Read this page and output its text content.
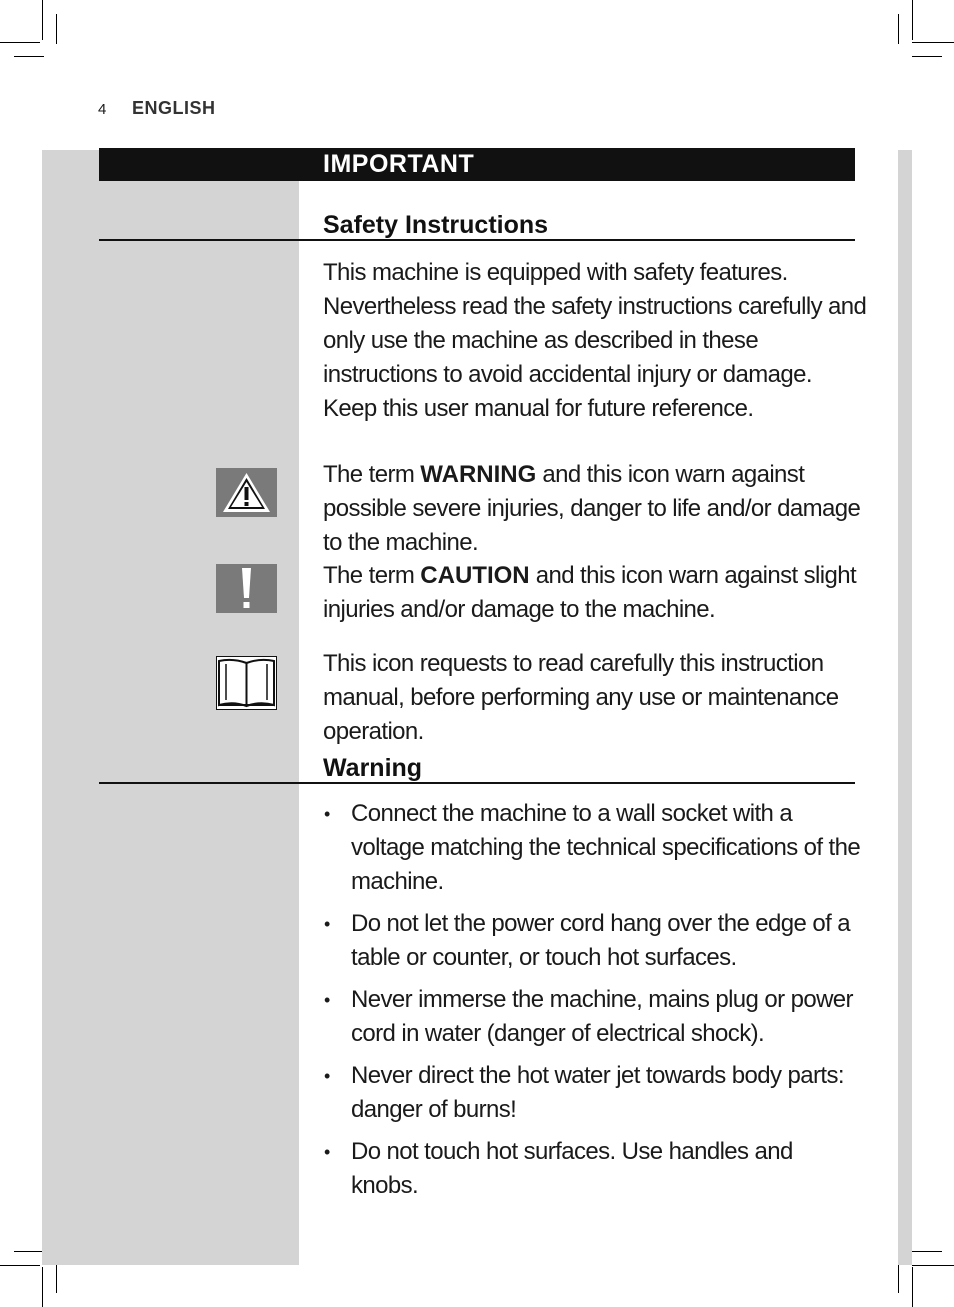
4 ENGLISH
IMPORTANT
Safety Instructions
This machine is equipped with safety features. Nevertheless read the safety instructions carefully and only use the machine as described in these instructions to avoid accidental injury or damage.
Keep this user manual for future reference.
The term WARNING and this icon warn against possible severe injuries, danger to life and/or damage to the machine.
The term CAUTION and this icon warn against slight injuries and/or damage to the machine.
This icon requests to read carefully this instruction manual, before performing any use or maintenance operation.
Warning
• Connect the machine to a wall socket with a voltage matching the technical specifications of the machine.
• Do not let the power cord hang over the edge of a table or counter, or touch hot surfaces.
• Never immerse the machine, mains plug or power cord in water (danger of electrical shock).
• Never direct the hot water jet towards body parts: danger of burns!
• Do not touch hot surfaces. Use handles and knobs.
